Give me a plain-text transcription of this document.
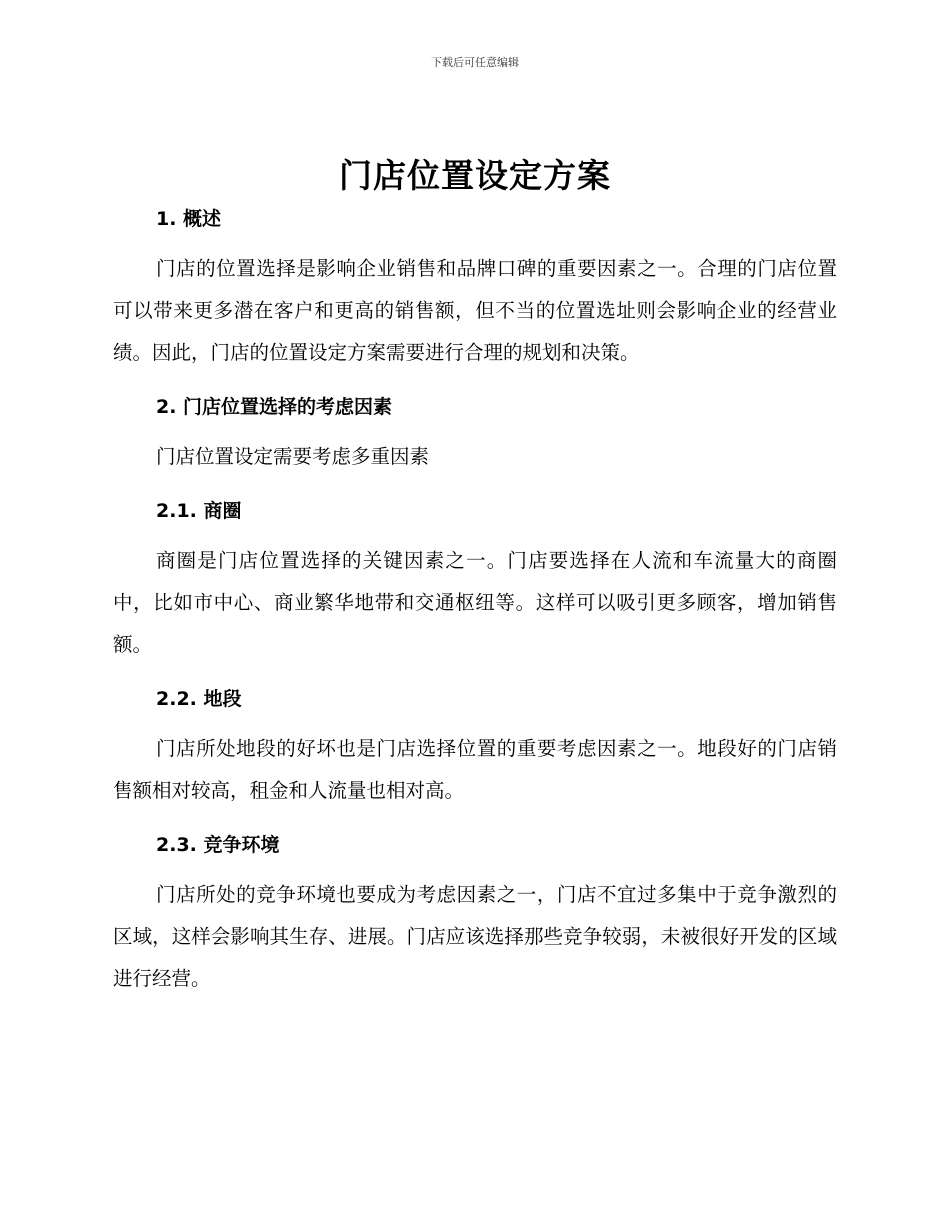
下载后可任意编辑
门店位置设定方案
1. 概述

门店的位置选择是影响企业销售和品牌口碑的重要因素之一。合理的门店位置可以带来更多潜在客户和更高的销售额，但不当的位置选址则会影响企业的经营业绩。因此，门店的位置设定方案需要进行合理的规划和决策。

2. 门店位置选择的考虑因素

门店位置设定需要考虑多重因素

2.1. 商圈

商圈是门店位置选择的关键因素之一。门店要选择在人流和车流量大的商圈中，比如市中心、商业繁华地带和交通枢纽等。这样可以吸引更多顾客，增加销售额。

2.2. 地段

门店所处地段的好坏也是门店选择位置的重要考虑因素之一。地段好的门店销售额相对较高，租金和人流量也相对高。

2.3. 竞争环境

门店所处的竞争环境也要成为考虑因素之一，门店不宜过多集中于竞争激烈的区域，这样会影响其生存、进展。门店应该选择那些竞争较弱，未被很好开发的区域进行经营。
